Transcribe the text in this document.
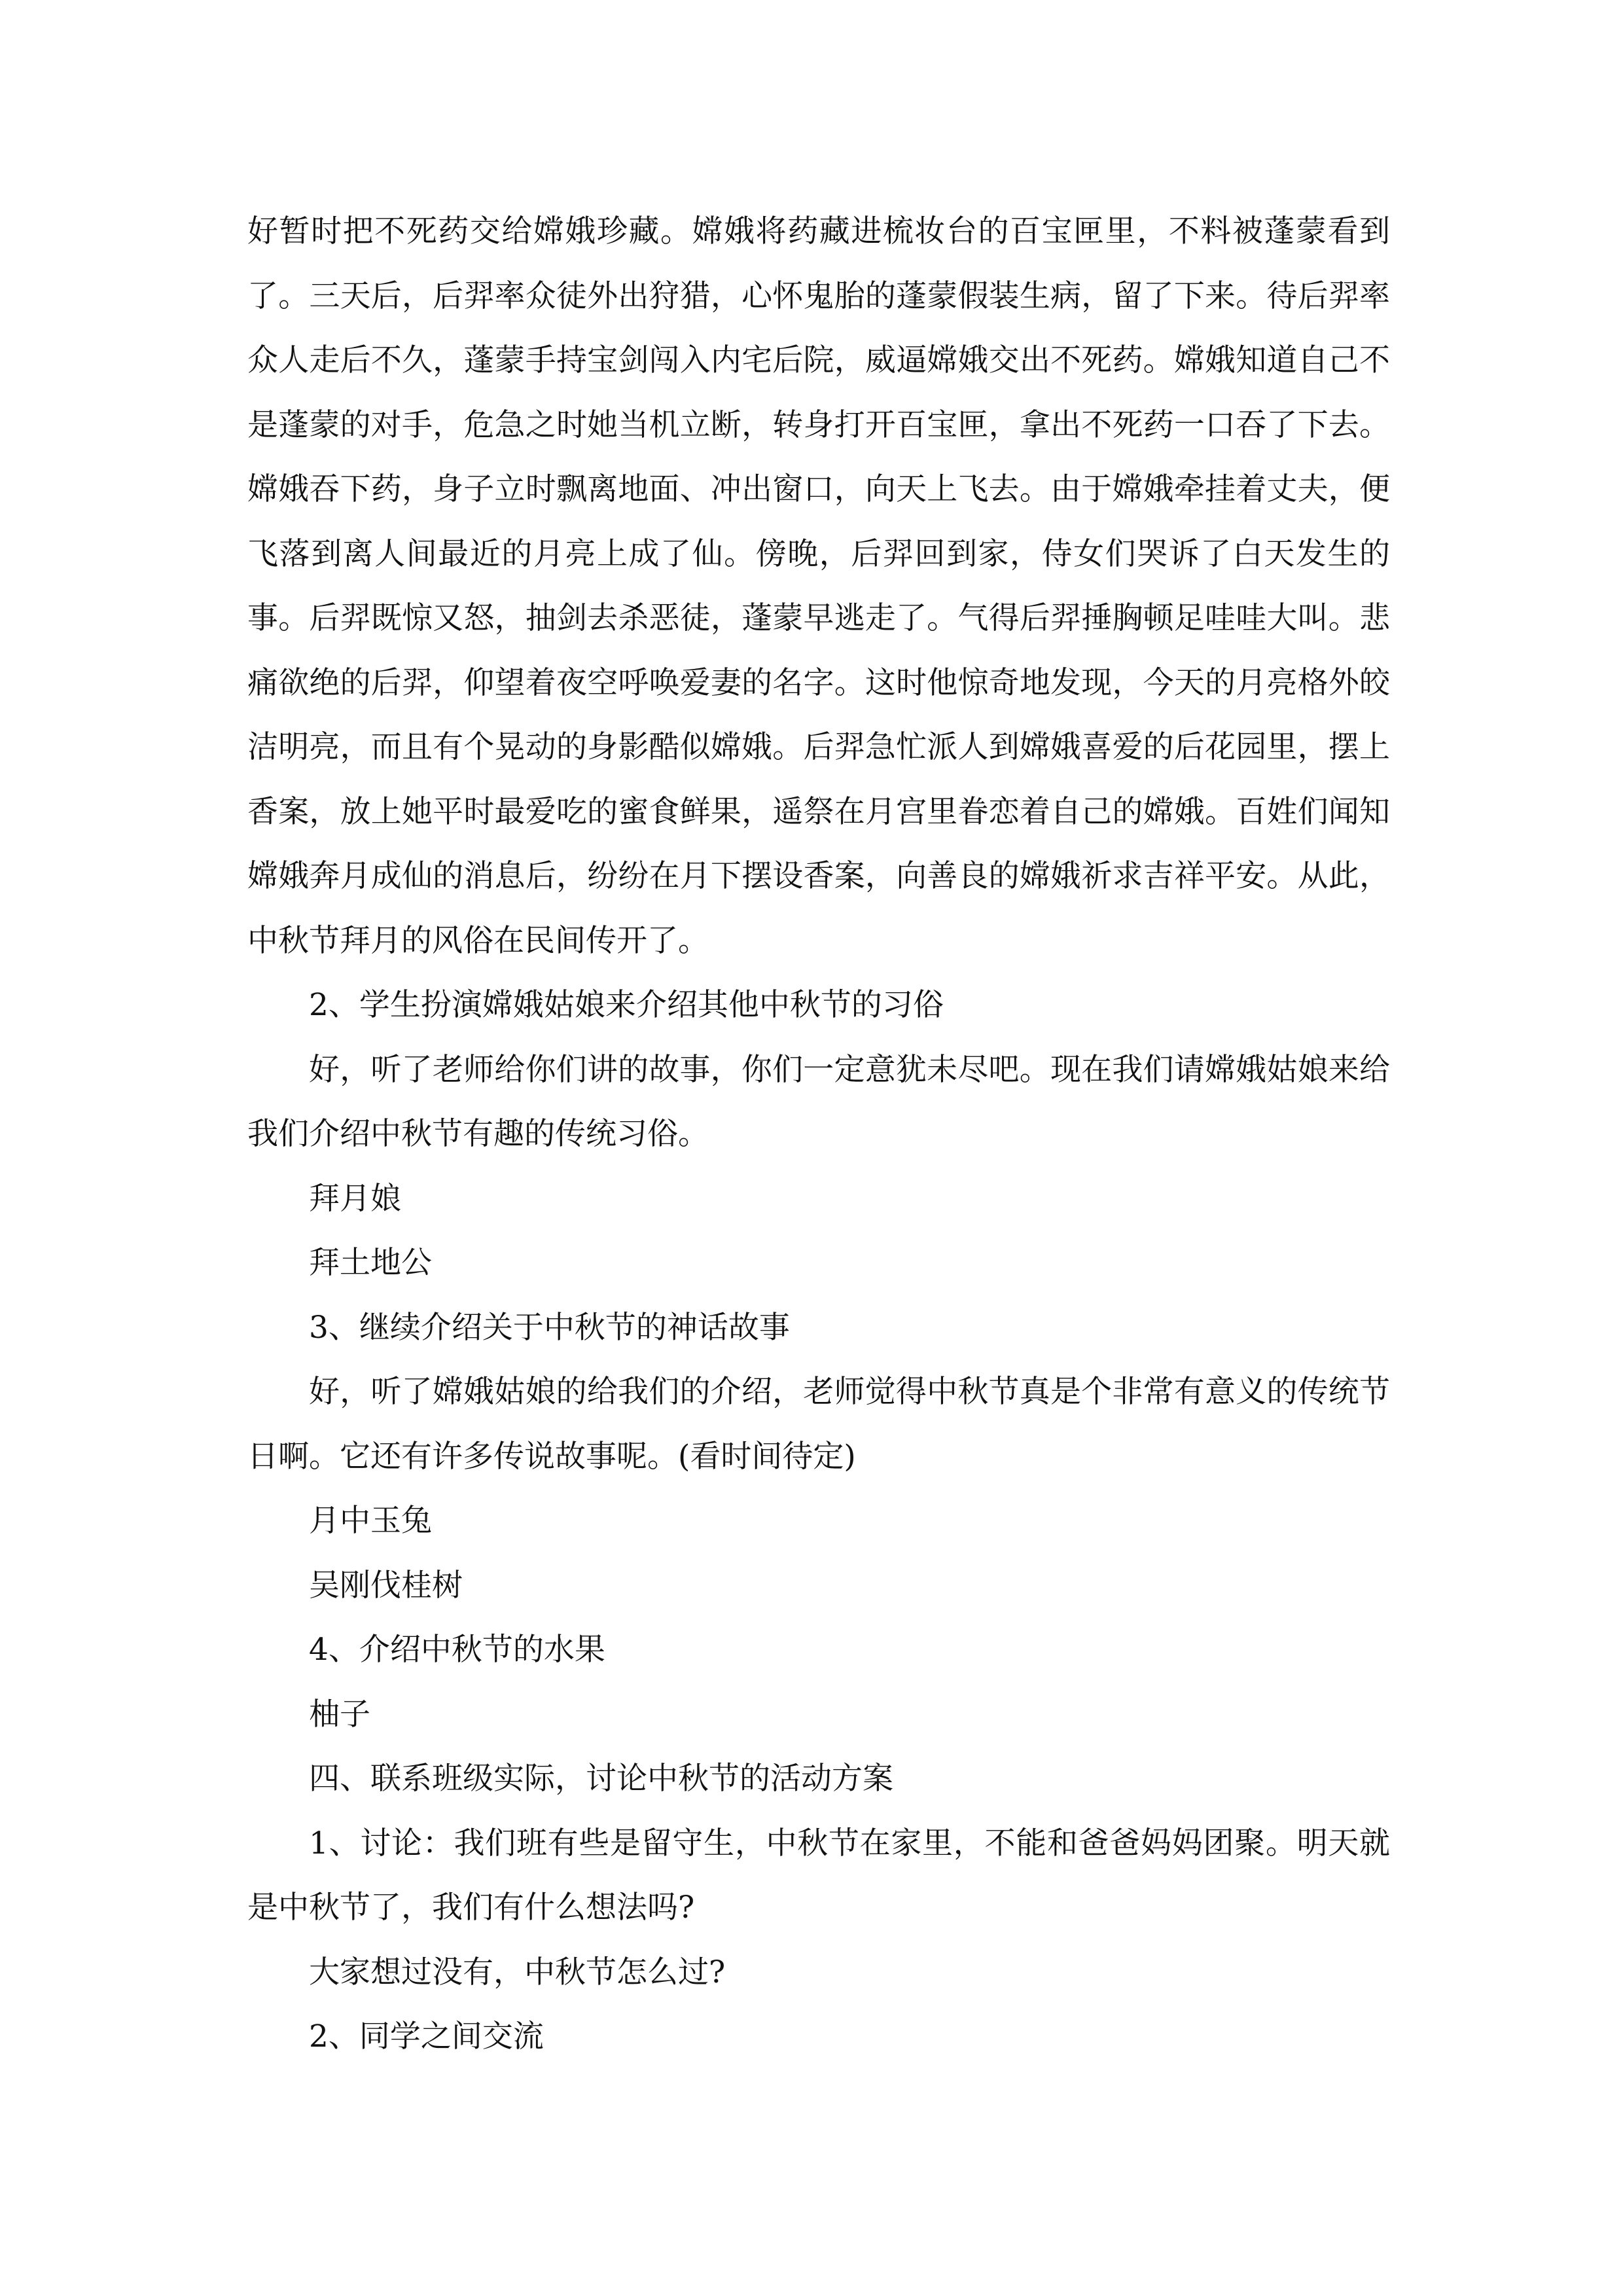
好暂时把不死药交给嫦娥珍藏。嫦娥将药藏进梳妆台的百宝匣里，不料被蓬蒙看到了。三天后，后羿率众徒外出狩猎，心怀鬼胎的蓬蒙假装生病，留了下来。待后羿率众人走后不久，蓬蒙手持宝剑闯入内宅后院，威逼嫦娥交出不死药。嫦娥知道自己不是蓬蒙的对手，危急之时她当机立断，转身打开百宝匣，拿出不死药一口吞了下去。嫦娥吞下药，身子立时飘离地面、冲出窗口，向天上飞去。由于嫦娥牵挂着丈夫，便飞落到离人间最近的月亮上成了仙。傍晚，后羿回到家，侍女们哭诉了白天发生的事。后羿既惊又怒，抽剑去杀恶徒，蓬蒙早逃走了。气得后羿捶胸顿足哇哇大叫。悲痛欲绝的后羿，仰望着夜空呼唤爱妻的名字。这时他惊奇地发现，今天的月亮格外皎洁明亮，而且有个晃动的身影酷似嫦娥。后羿急忙派人到嫦娥喜爱的后花园里，摆上香案，放上她平时最爱吃的蜜食鲜果，遥祭在月宫里眷恋着自己的嫦娥。百姓们闻知嫦娥奔月成仙的消息后，纷纷在月下摆设香案，向善良的嫦娥祈求吉祥平安。从此，中秋节拜月的风俗在民间传开了。

2、学生扮演嫦娥姑娘来介绍其他中秋节的习俗

好，听了老师给你们讲的故事，你们一定意犹未尽吧。现在我们请嫦娥姑娘来给我们介绍中秋节有趣的传统习俗。

拜月娘

拜土地公

3、继续介绍关于中秋节的神话故事

好，听了嫦娥姑娘的给我们的介绍，老师觉得中秋节真是个非常有意义的传统节日啊。它还有许多传说故事呢。(看时间待定)

月中玉兔

吴刚伐桂树

4、介绍中秋节的水果

柚子

四、联系班级实际，讨论中秋节的活动方案

1、讨论：我们班有些是留守生，中秋节在家里，不能和爸爸妈妈团聚。明天就是中秋节了，我们有什么想法吗?

大家想过没有，中秋节怎么过?

2、同学之间交流
